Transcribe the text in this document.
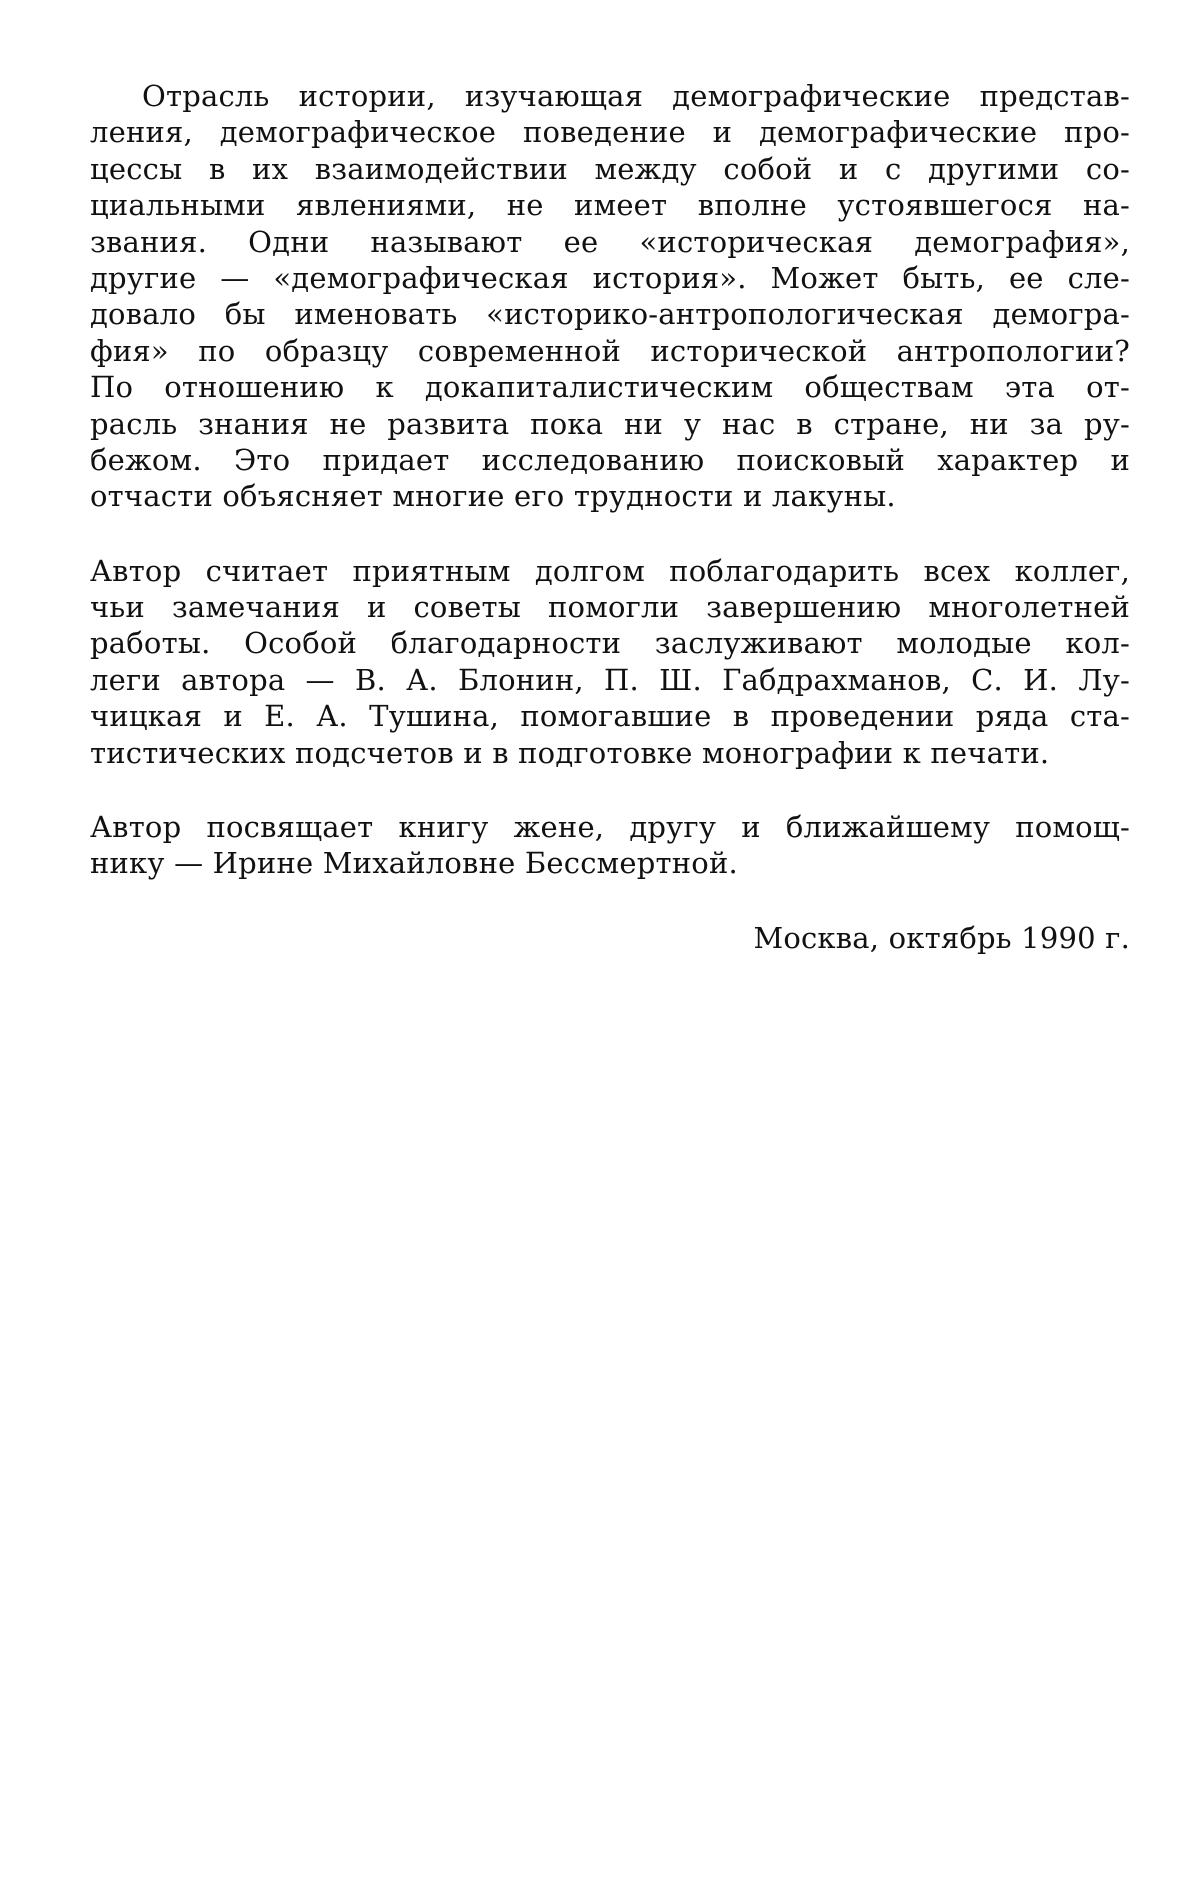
Отрасль истории, изучающая демографические представ-
ления, демографическое поведение и демографические про-
цессы в их взаимодействии между собой и с другими со-
циальными явлениями, не имеет вполне устоявшегося на-
звания. Одни называют ее «историческая демография»,
другие — «демографическая история». Может быть, ее сле-
довало бы именовать «историко-антропологическая демогра-
фия» по образцу современной исторической антропологии?
По отношению к докапиталистическим обществам эта от-
расль знания не развита пока ни у нас в стране, ни за ру-
бежом. Это придает исследованию поисковый характер и
отчасти объясняет многие его трудности и лакуны.
Автор считает приятным долгом поблагодарить всех коллег,
чьи замечания и советы помогли завершению многолетней
работы. Особой благодарности заслуживают молодые кол-
леги автора — В. А. Блонин, П. Ш. Габдрахманов, С. И. Лу-
чицкая и Е. А. Тушина, помогавшие в проведении ряда ста-
тистических подсчетов и в подготовке монографии к печати.
Автор посвящает книгу жене, другу и ближайшему помощ-
нику — Ирине Михайловне Бессмертной.
Москва, октябрь 1990 г.
